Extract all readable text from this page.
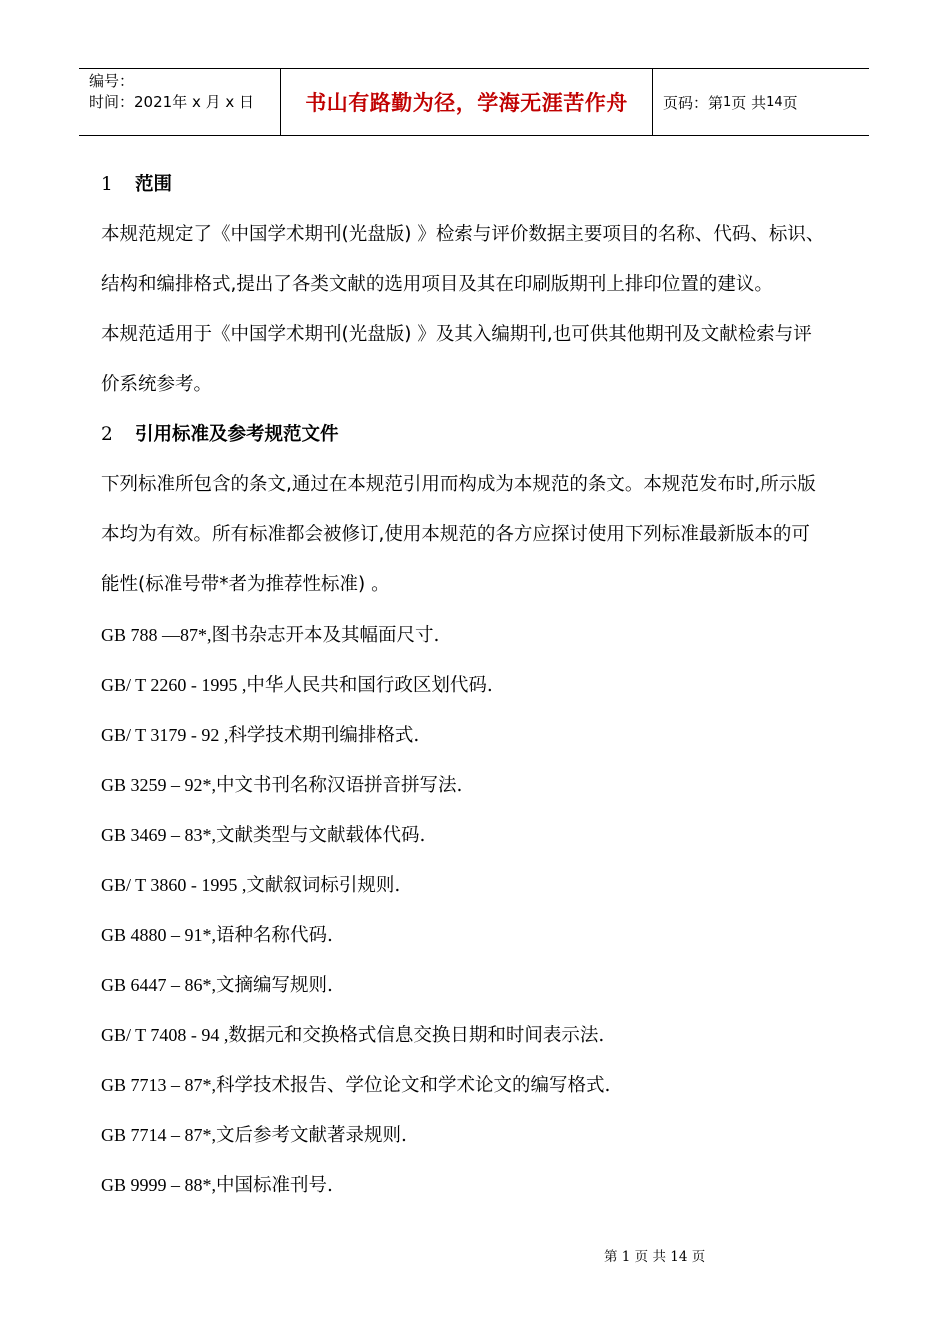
编号：
时间：2021年 x 月 x 日	书山有路勤为径，学海无涯苦作舟 页码：第 1 页 共 14 页
1 范围
本规范规定了《中国学术期刊(光盘版) 》检索与评价数据主要项目的名称、代码、标识、
结构和编排格式,提出了各类文献的选用项目及其在印刷版期刊上排印位置的建议。
本规范适用于《中国学术期刊(光盘版) 》及其入编期刊,也可供其他期刊及文献检索与评
价系统参考。
2 引用标准及参考规范文件
下列标准所包含的条文,通过在本规范引用而构成为本规范的条文。本规范发布时,所示版
本均为有效。所有标准都会被修订,使用本规范的各方应探讨使用下列标准最新版本的可
能性(标准号带*者为推荐性标准) 。
GB 788 —87*,图书杂志开本及其幅面尺寸.
GB/ T 2260 - 1995 ,中华人民共和国行政区划代码.
GB/ T 3179 - 92 ,科学技术期刊编排格式.
GB 3259 – 92*,中文书刊名称汉语拼音拼写法.
GB 3469 – 83*,文献类型与文献载体代码.
GB/ T 3860 - 1995 ,文献叙词标引规则.
GB 4880 – 91*,语种名称代码.
GB 6447 – 86*,文摘编写规则.
GB/ T 7408 - 94 ,数据元和交换格式信息交换日期和时间表示法.
GB 7713 – 87*,科学技术报告、学位论文和学术论文的编写格式.
GB 7714 – 87*,文后参考文献著录规则.
GB 9999 – 88*,中国标准刊号.
第 1 页 共 14 页
